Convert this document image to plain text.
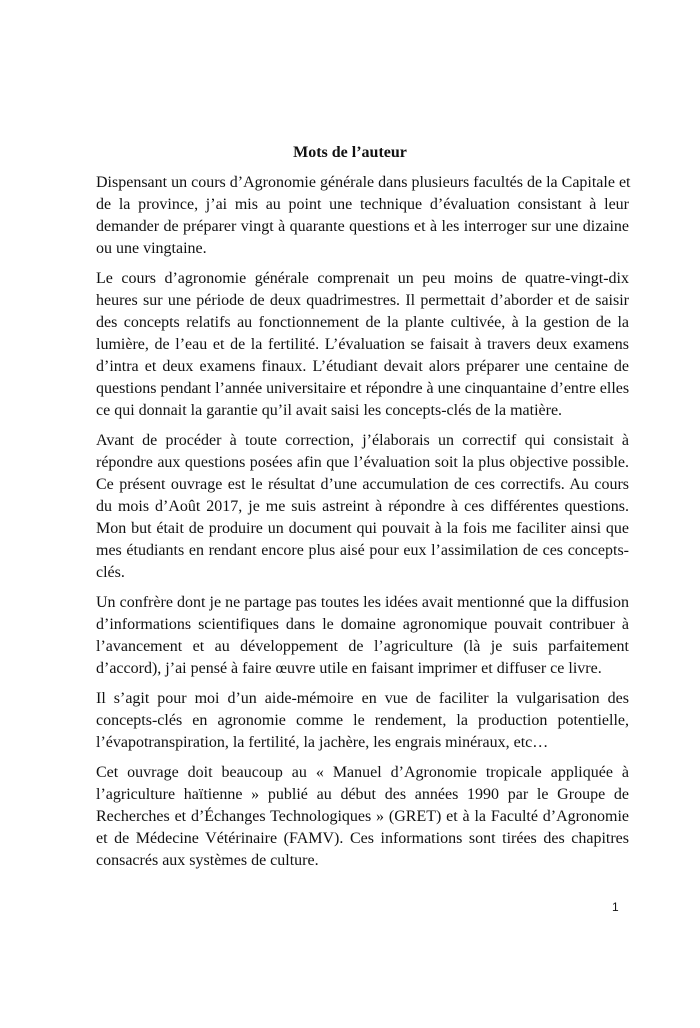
Mots de l’auteur

Dispensant un cours d’Agronomie générale dans plusieurs facultés de la Capitale et
de la province, j’ai mis au point une technique d’évaluation consistant à leur
demander de préparer vingt à quarante questions et à les interroger sur une dizaine
ou une vingtaine.

Le cours d’agronomie générale comprenait un peu moins de quatre-vingt-dix
heures sur une période de deux quadrimestres. Il permettait d’aborder et de saisir
des concepts relatifs au fonctionnement de la plante cultivée, à la gestion de la
lumière, de l’eau et de la fertilité. L’évaluation se faisait à travers deux examens
d’intra et deux examens finaux. L’étudiant devait alors préparer une centaine de
questions pendant l’année universitaire et répondre à une cinquantaine d’entre elles
ce qui donnait la garantie qu’il avait saisi les concepts-clés de la matière.

Avant de procéder à toute correction, j’élaborais un correctif qui consistait à
répondre aux questions posées afin que l’évaluation soit la plus objective possible.
Ce présent ouvrage est le résultat d’une accumulation de ces correctifs. Au cours
du mois d’Août 2017, je me suis astreint à répondre à ces différentes questions.
Mon but était de produire un document qui pouvait à la fois me faciliter ainsi que
mes étudiants en rendant encore plus aisé pour eux l’assimilation de ces concepts-
clés.

Un confrère dont je ne partage pas toutes les idées avait mentionné que la diffusion
d’informations scientifiques dans le domaine agronomique pouvait contribuer à
l’avancement et au développement de l’agriculture (là je suis parfaitement
d’accord), j’ai pensé à faire œuvre utile en faisant imprimer et diffuser ce livre.

Il s’agit pour moi d’un aide-mémoire en vue de faciliter la vulgarisation des
concepts-clés en agronomie comme le rendement, la production potentielle,
l’évapotranspiration, la fertilité, la jachère, les engrais minéraux, etc…

Cet ouvrage doit beaucoup au « Manuel d’Agronomie tropicale appliquée à
l’agriculture haïtienne » publié au début des années 1990 par le Groupe de
Recherches et d’Échanges Technologiques » (GRET) et à la Faculté d’Agronomie
et de Médecine Vétérinaire (FAMV). Ces informations sont tirées des chapitres
consacrés aux systèmes de culture.

1
